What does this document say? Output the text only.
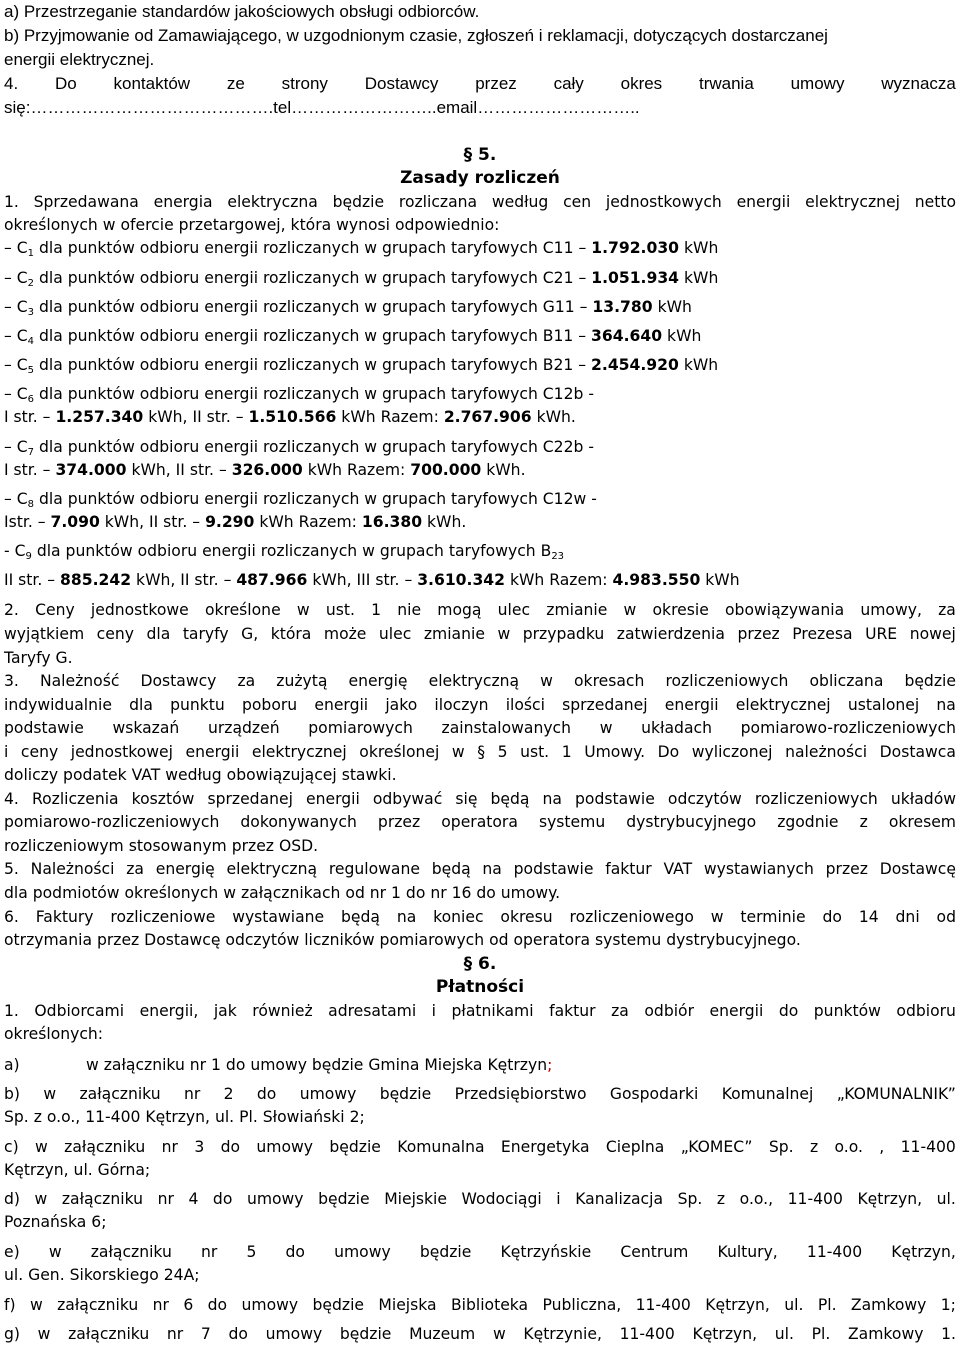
a) Przestrzeganie standardów jakościowych obsługi odbiorców.
b) Przyjmowanie od Zamawiającego, w uzgodnionym czasie, zgłoszeń i reklamacji, dotyczących dostarczanej
energii elektrycznej.
4. Do kontaktów ze strony Dostawcy przez cały okres trwania umowy wyznacza
się:…………………………………….tel……………………..email………………………..
§ 5.
Zasady rozliczeń
1. Sprzedawana energia elektryczna będzie rozliczana według cen jednostkowych energii elektrycznej netto
określonych w ofercie przetargowej, która wynosi odpowiednio:
– $C_1$ dla punktów odbioru energii rozliczanych w grupach taryfowych C11 – 1.792.030 kWh
– $C_2$ dla punktów odbioru energii rozliczanych w grupach taryfowych C21 – 1.051.934 kWh
– $C_3$ dla punktów odbioru energii rozliczanych w grupach taryfowych G11 – 13.780 kWh
– $C_4$ dla punktów odbioru energii rozliczanych w grupach taryfowych B11 – 364.640 kWh
– $C_5$ dla punktów odbioru energii rozliczanych w grupach taryfowych B21 – 2.454.920 kWh
– $C_6$ dla punktów odbioru energii rozliczanych w grupach taryfowych C12b -
I str. – 1.257.340 kWh, II str. – 1.510.566 kWh Razem: 2.767.906 kWh.
– $C_7$ dla punktów odbioru energii rozliczanych w grupach taryfowych C22b -
I str. – 374.000 kWh, II str. – 326.000 kWh Razem: 700.000 kWh.
– $C_8$ dla punktów odbioru energii rozliczanych w grupach taryfowych C12w -
Istr. – 7.090 kWh, II str. – 9.290 kWh Razem: 16.380 kWh.
- $C_9$ dla punktów odbioru energii rozliczanych w grupach taryfowych $B_{23}$
II str. – 885.242 kWh, II str. – 487.966 kWh, III str. – 3.610.342 kWh Razem: 4.983.550 kWh
2. Ceny jednostkowe określone w ust. 1 nie mogą ulec zmianie w okresie obowiązywania umowy, za
wyjątkiem ceny dla taryfy G, która może ulec zmianie w przypadku zatwierdzenia przez Prezesa URE nowej
Taryfy G.
3. Należność Dostawcy za zużytą energię elektryczną w okresach rozliczeniowych obliczana będzie
indywidualnie dla punktu poboru energii jako iloczyn ilości sprzedanej energii elektrycznej ustalonej na
podstawie wskazań urządzeń pomiarowych zainstalowanych w układach pomiarowo-rozliczeniowych
i ceny jednostkowej energii elektrycznej określonej w § 5 ust. 1 Umowy. Do wyliczonej należności Dostawca
doliczy podatek VAT według obowiązującej stawki.
4. Rozliczenia kosztów sprzedanej energii odbywać się będą na podstawie odczytów rozliczeniowych układów
pomiarowo-rozliczeniowych dokonywanych przez operatora systemu dystrybucyjnego zgodnie z okresem
rozliczeniowym stosowanym przez OSD.
5. Należności za energię elektryczną regulowane będą na podstawie faktur VAT wystawianych przez Dostawcę
dla podmiotów określonych w załącznikach od nr 1 do nr 16 do umowy.
6. Faktury rozliczeniowe wystawiane będą na koniec okresu rozliczeniowego w terminie do 14 dni od
otrzymania przez Dostawcę odczytów liczników pomiarowych od operatora systemu dystrybucyjnego.
§ 6.
Płatności
1. Odbiorcami energii, jak również adresatami i płatnikami faktur za odbiór energii do punktów odbioru
określonych:
a)	w załączniku nr 1 do umowy będzie Gmina Miejska Kętrzyn;
b) w załączniku nr 2 do umowy będzie Przedsiębiorstwo Gospodarki Komunalnej „KOMUNALNIK”
Sp. z o.o., 11-400 Kętrzyn, ul. Pl. Słowiański 2;
c) w załączniku nr 3 do umowy będzie Komunalna Energetyka Cieplna „KOMEC” Sp. z o.o. , 11-400
Kętrzyn, ul. Górna;
d) w załączniku nr 4 do umowy będzie Miejskie Wodociągi i Kanalizacja Sp. z o.o., 11-400 Kętrzyn, ul.
Poznańska 6;
e) w załączniku nr 5 do umowy będzie Kętrzyńskie Centrum Kultury, 11-400 Kętrzyn,
ul. Gen. Sikorskiego 24A;
f) w załączniku nr 6 do umowy będzie Miejska Biblioteka Publiczna, 11-400 Kętrzyn, ul. Pl. Zamkowy 1;
g) w załączniku nr 7 do umowy będzie Muzeum w Kętrzynie, 11-400 Kętrzyn, ul. Pl. Zamkowy 1.
